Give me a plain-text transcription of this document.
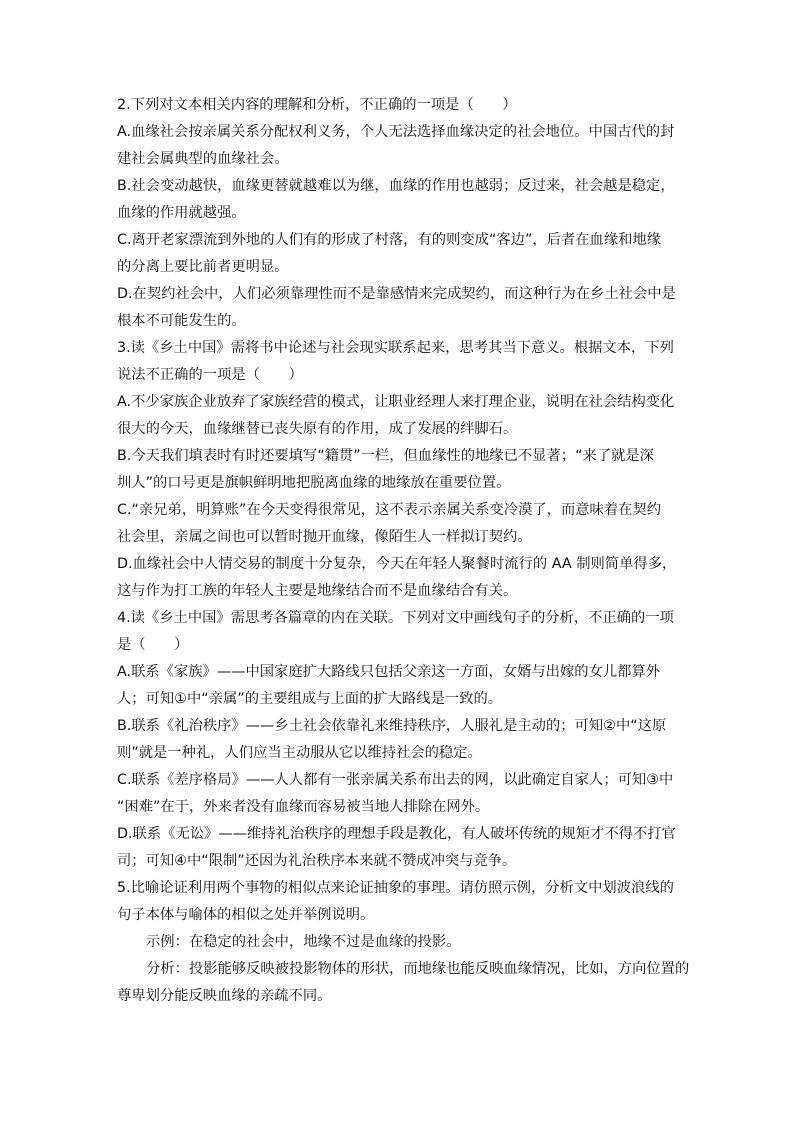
2.下列对文本相关内容的理解和分析，不正确的一项是（　　）
A.血缘社会按亲属关系分配权利义务，个人无法选择血缘决定的社会地位。中国古代的封
建社会属典型的血缘社会。
B.社会变动越快，血缘更替就越难以为继，血缘的作用也越弱；反过来，社会越是稳定，
血缘的作用就越强。
C.离开老家漂流到外地的人们有的形成了村落，有的则变成“客边”，后者在血缘和地缘
的分离上要比前者更明显。
D.在契约社会中，人们必须靠理性而不是靠感情来完成契约，而这种行为在乡土社会中是
根本不可能发生的。
3.读《乡土中国》需将书中论述与社会现实联系起来，思考其当下意义。根据文本，下列
说法不正确的一项是（　　）
A.不少家族企业放弃了家族经营的模式，让职业经理人来打理企业，说明在社会结构变化
很大的今天，血缘继替已丧失原有的作用，成了发展的绊脚石。
B.今天我们填表时有时还要填写“籍贯”一栏，但血缘性的地缘已不显著；“来了就是深
圳人”的口号更是旗帜鲜明地把脱离血缘的地缘放在重要位置。
C.“亲兄弟，明算账”在今天变得很常见，这不表示亲属关系变冷漠了，而意味着在契约
社会里，亲属之间也可以暂时抛开血缘，像陌生人一样拟订契约。
D.血缘社会中人情交易的制度十分复杂，今天在年轻人聚餐时流行的 AA 制则简单得多，
这与作为打工族的年轻人主要是地缘结合而不是血缘结合有关。
4.读《乡土中国》需思考各篇章的内在关联。下列对文中画线句子的分析，不正确的一项
是（　　）
A.联系《家族》——中国家庭扩大路线只包括父亲这一方面，女婿与出嫁的女儿都算外
人；可知①中“亲属”的主要组成与上面的扩大路线是一致的。
B.联系《礼治秩序》——乡土社会依靠礼来维持秩序，人服礼是主动的；可知②中“这原
则”就是一种礼，人们应当主动服从它以维持社会的稳定。
C.联系《差序格局》——人人都有一张亲属关系布出去的网，以此确定自家人；可知③中
“困难”在于，外来者没有血缘而容易被当地人排除在网外。
D.联系《无讼》——维持礼治秩序的理想手段是教化，有人破坏传统的规矩才不得不打官
司；可知④中“限制”还因为礼治秩序本来就不赞成冲突与竞争。
5.比喻论证利用两个事物的相似点来论证抽象的事理。请仿照示例，分析文中划波浪线的
句子本体与喻体的相似之处并举例说明。
示例：在稳定的社会中，地缘不过是血缘的投影。
分析：投影能够反映被投影物体的形状，而地缘也能反映血缘情况，比如，方向位置的
尊卑划分能反映血缘的亲疏不同。
